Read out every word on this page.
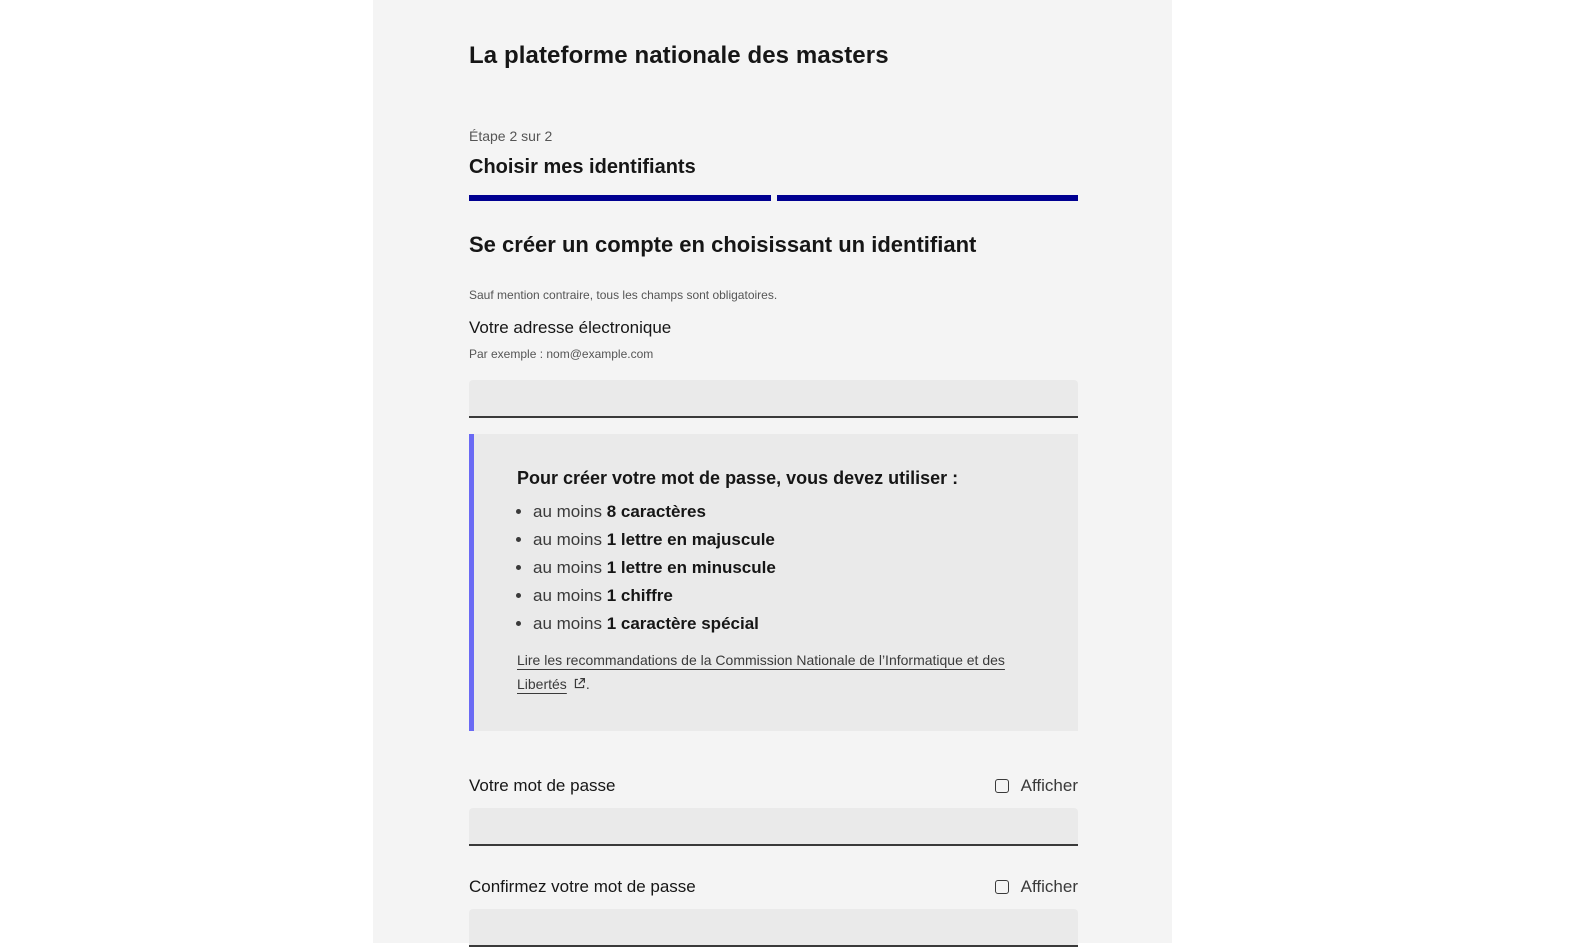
La plateforme nationale des masters
Étape 2 sur 2
Choisir mes identifiants
Se créer un compte en choisissant un identifiant
Sauf mention contraire, tous les champs sont obligatoires.
Votre adresse électronique
Par exemple : nom@example.com
Pour créer votre mot de passe, vous devez utiliser :
• au moins 8 caractères
• au moins 1 lettre en majuscule
• au moins 1 lettre en minuscule
• au moins 1 chiffre
• au moins 1 caractère spécial
Lire les recommandations de la Commission Nationale de l’Informatique et des Libertés .
Votre mot de passe	Afficher
Confirmez votre mot de passe	Afficher
